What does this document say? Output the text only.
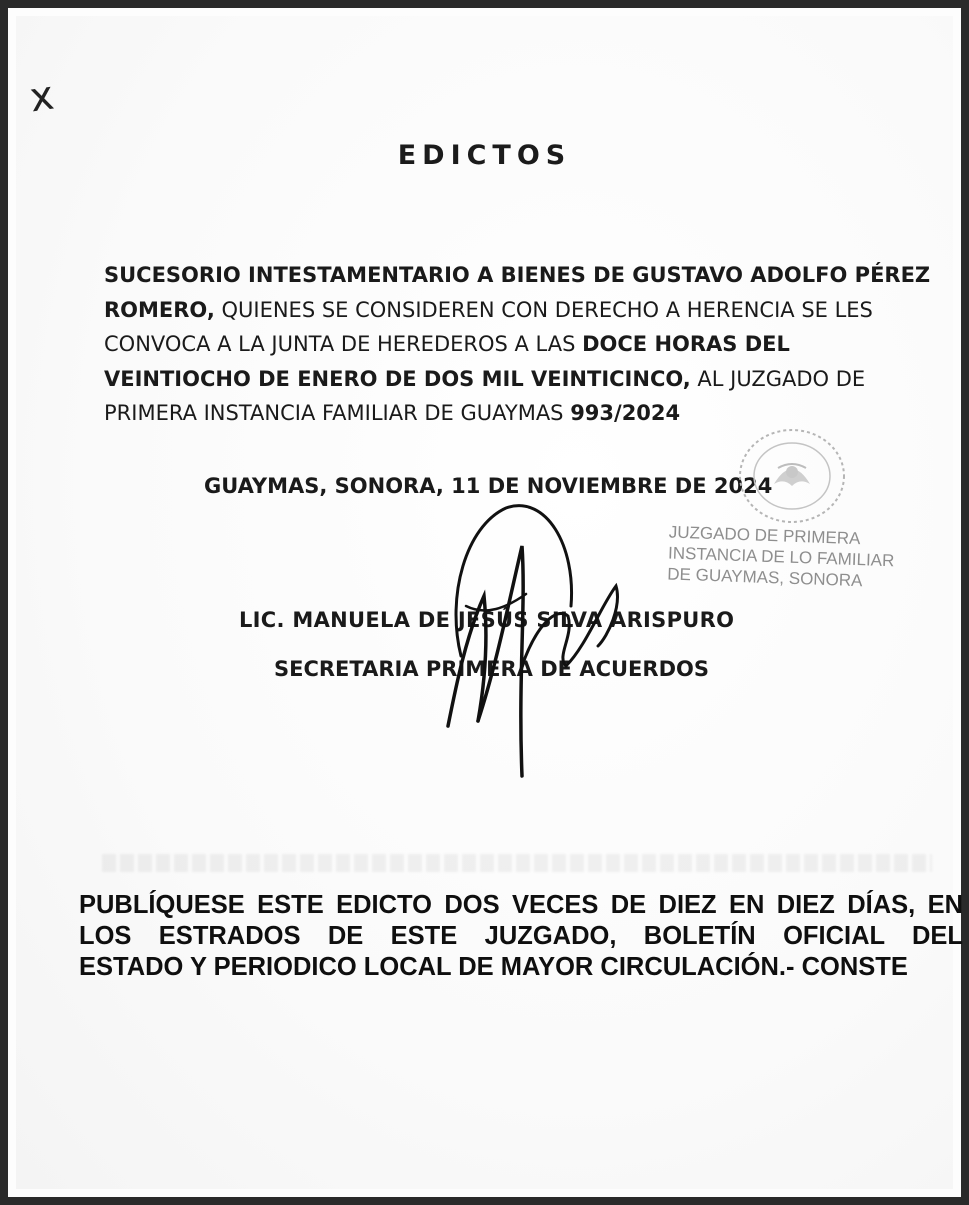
x
EDICTOS
SUCESORIO INTESTAMENTARIO A BIENES DE GUSTAVO ADOLFO PÉREZ ROMERO, QUIENES SE CONSIDEREN CON DERECHO A HERENCIA SE LES CONVOCA A LA JUNTA DE HEREDEROS A LAS DOCE HORAS DEL VEINTIOCHO DE ENERO DE DOS MIL VEINTICINCO, AL JUZGADO DE PRIMERA INSTANCIA FAMILIAR DE GUAYMAS 993/2024
GUAYMAS, SONORA, 11 DE NOVIEMBRE DE 2024
JUZGADO DE PRIMERA
INSTANCIA DE LO FAMILIAR
DE GUAYMAS, SONORA
LIC. MANUELA DE JESÚS SILVA ARISPURO
SECRETARIA PRIMERA DE ACUERDOS
PUBLÍQUESE ESTE EDICTO DOS VECES DE DIEZ EN DIEZ DÍAS, EN
LOS ESTRADOS DE ESTE JUZGADO, BOLETÍN OFICIAL DEL
ESTADO Y PERIODICO LOCAL DE MAYOR CIRCULACIÓN.- CONSTE
